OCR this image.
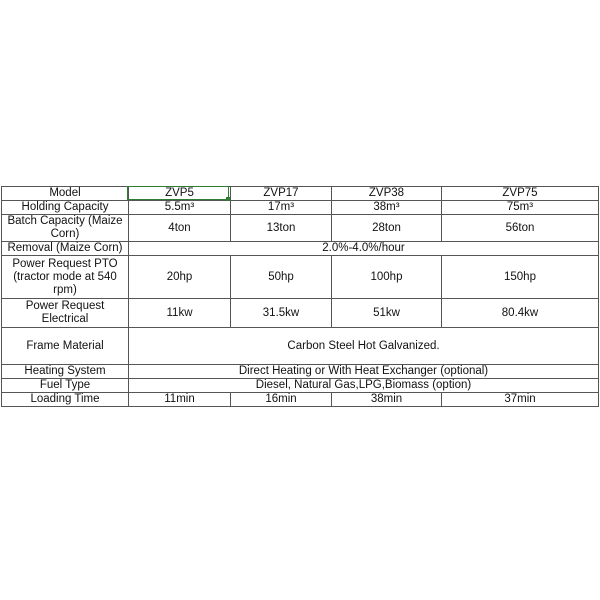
Model	ZVP5	ZVP17	ZVP38	ZVP75
Holding Capacity	5.5m³	17m³	38m³	75m³
Batch Capacity (Maize Corn)	4ton	13ton	28ton	56ton
Removal (Maize Corn)	2.0%-4.0%/hour			
Power Request PTO (tractor mode at 540 rpm)	20hp	50hp	100hp	150hp
Power Request Electrical	11kw	31.5kw	51kw	80.4kw
Frame Material	Carbon Steel Hot Galvanized.			
Heating System	Direct Heating or With Heat Exchanger (optional)			
Fuel Type	Diesel, Natural Gas,LPG,Biomass (option)			
Loading Time	11min	16min	38min	37min
